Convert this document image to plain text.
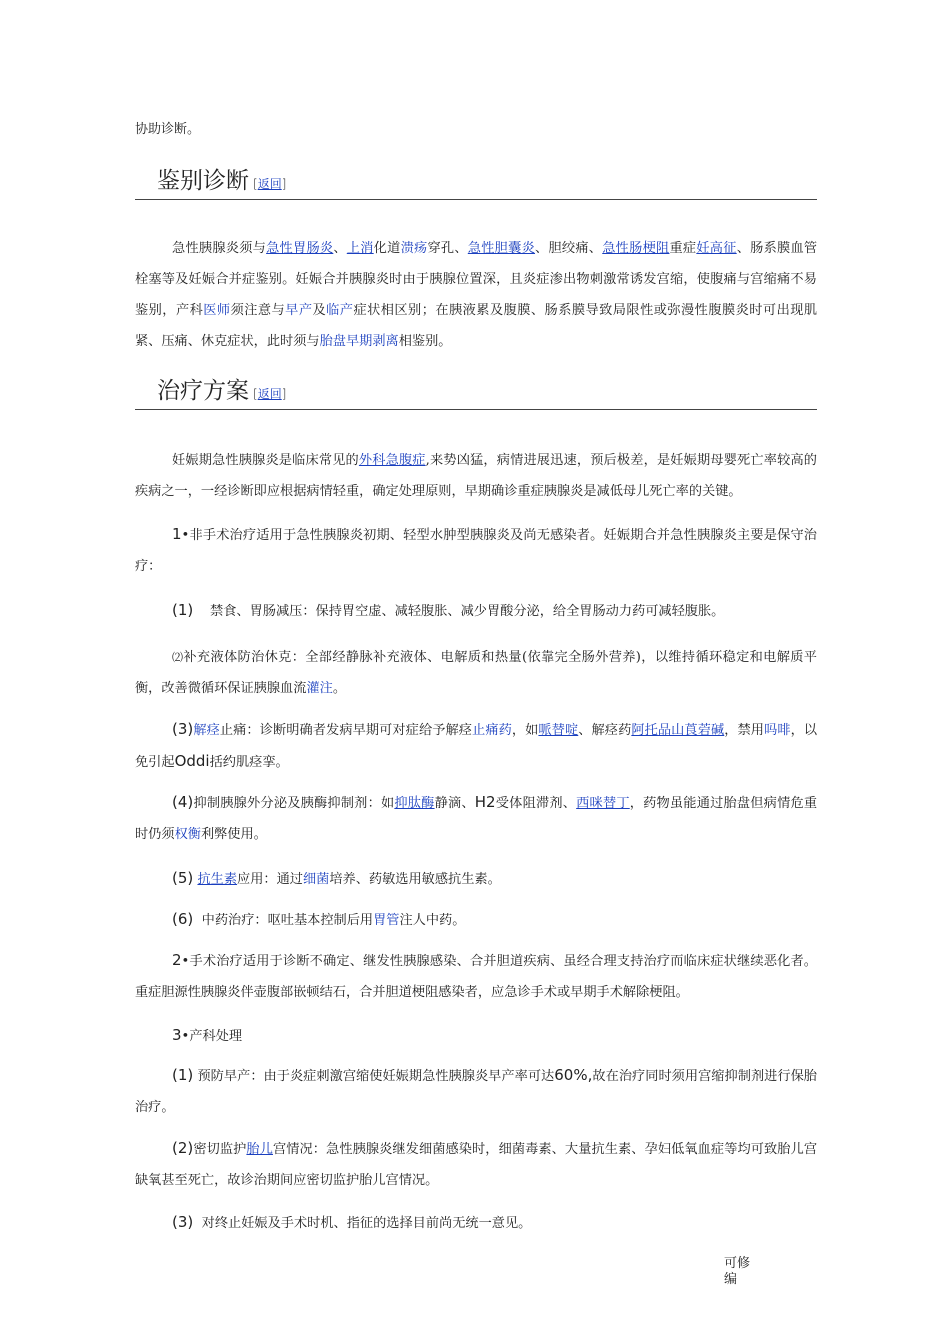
协助诊断。
鉴别诊断 [返回]
急性胰腺炎须与急性胃肠炎、上消化道溃疡穿孔、急性胆囊炎、胆绞痛、急性肠梗阻重症妊高征、肠系膜血管栓塞等及妊娠合并症鉴别。妊娠合并胰腺炎时由于胰腺位置深，且炎症渗出物刺激常诱发宫缩，使腹痛与宫缩痛不易鉴别，产科医师须注意与早产及临产症状相区别；在胰液累及腹膜、肠系膜导致局限性或弥漫性腹膜炎时可出现肌紧、压痛、休克症状，此时须与胎盘早期剥离相鉴别。
治疗方案 [返回]
妊娠期急性胰腺炎是临床常见的外科急腹症,来势凶猛，病情进展迅速，预后极差，是妊娠期母婴死亡率较高的疾病之一，一经诊断即应根据病情轻重，确定处理原则，早期确诊重症胰腺炎是减低母儿死亡率的关键。
1•非手术治疗适用于急性胰腺炎初期、轻型水肿型胰腺炎及尚无感染者。妊娠期合并急性胰腺炎主要是保守治疗：
(1) 禁食、胃肠减压：保持胃空虚、减轻腹胀、减少胃酸分泌，给全胃肠动力药可减轻腹胀。
⑵补充液体防治休克：全部经静脉补充液体、电解质和热量(依靠完全肠外营养)，以维持循环稳定和电解质平衡，改善微循环保证胰腺血流灌注。
(3)解痉止痛：诊断明确者发病早期可对症给予解痉止痛药，如哌替啶、解痉药阿托品山莨菪碱，禁用吗啡，以免引起Oddi括约肌痉挛。
(4)抑制胰腺外分泌及胰酶抑制剂：如抑肽酶静滴、H2受体阻滞剂、西咪替丁，药物虽能通过胎盘但病情危重时仍须权衡利弊使用。
(5) 抗生素应用：通过细菌培养、药敏选用敏感抗生素。
(6) 中药治疗：呕吐基本控制后用胃管注人中药。
2•手术治疗适用于诊断不确定、继发性胰腺感染、合并胆道疾病、虽经合理支持治疗而临床症状继续恶化者。重症胆源性胰腺炎伴壶腹部嵌顿结石，合并胆道梗阻感染者，应急诊手术或早期手术解除梗阻。
3•产科处理
(1) 预防早产：由于炎症刺激宫缩使妊娠期急性胰腺炎早产率可达60%,故在治疗同时须用宫缩抑制剂进行保胎治疗。
(2)密切监护胎儿宫情况：急性胰腺炎继发细菌感染时，细菌毒素、大量抗生素、孕妇低氧血症等均可致胎儿宫缺氧甚至死亡，故诊治期间应密切监护胎儿宫情况。
(3) 对终止妊娠及手术时机、指征的选择目前尚无统一意见。
可修
编
